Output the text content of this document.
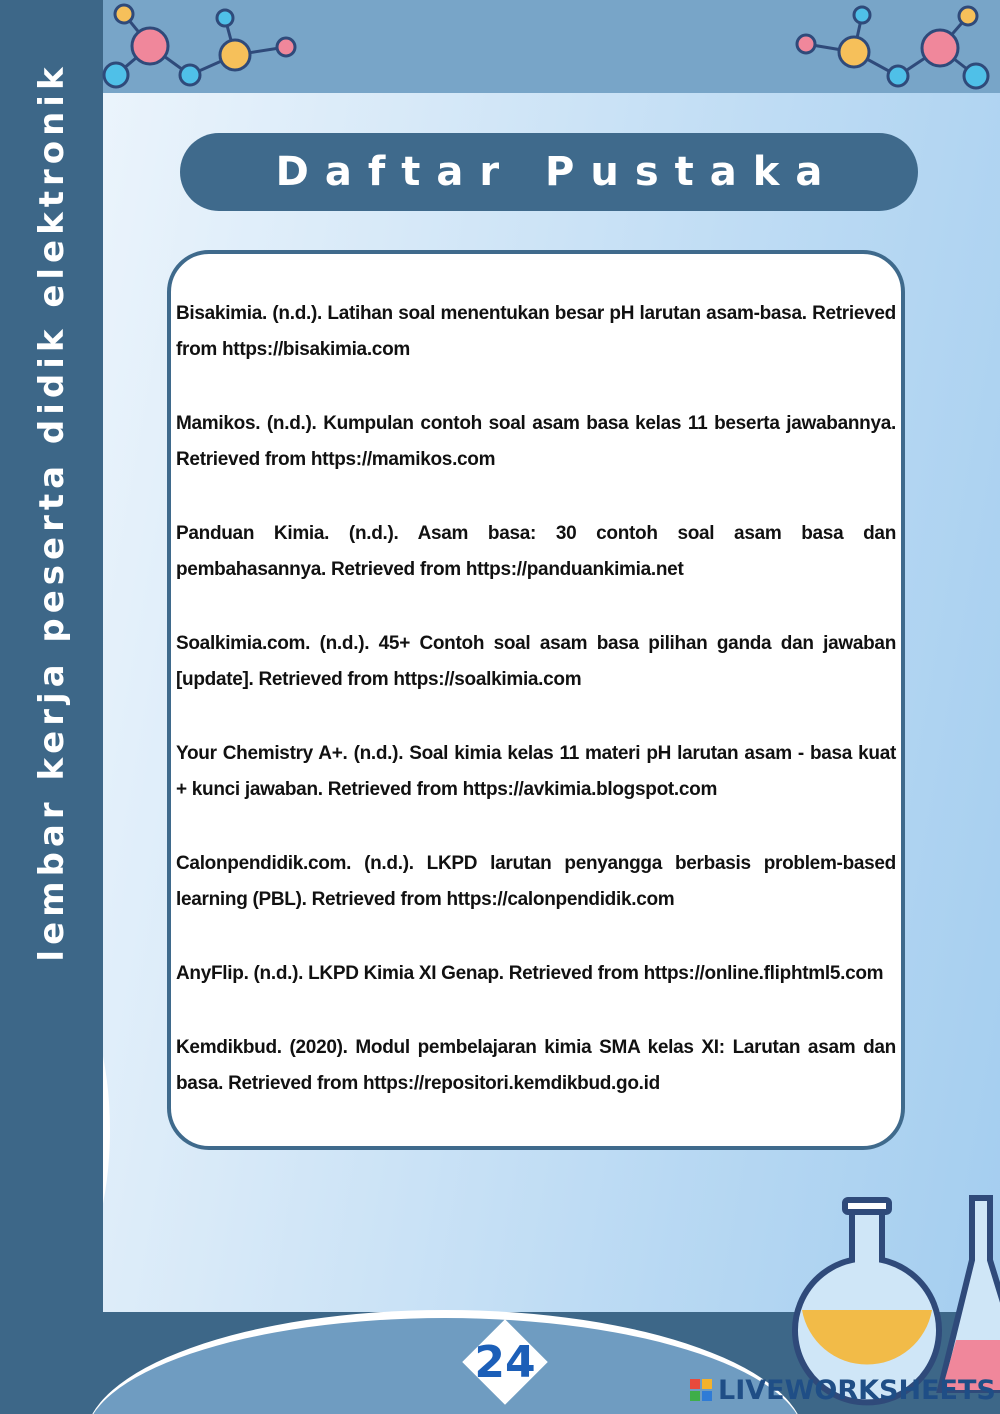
lembar kerja peserta didik elektronik	Daftar Pustaka

Bisakimia. (n.d.). Latihan soal menentukan besar pH larutan asam-basa. Retrieved from https://bisakimia.com

Mamikos. (n.d.). Kumpulan contoh soal asam basa kelas 11 beserta jawabannya. Retrieved from https://mamikos.com

Panduan Kimia. (n.d.). Asam basa: 30 contoh soal asam basa dan pembahasannya. Retrieved from https://panduankimia.net

Soalkimia.com. (n.d.). 45+ Contoh soal asam basa pilihan ganda dan jawaban [update]. Retrieved from https://soalkimia.com

Your Chemistry A+. (n.d.). Soal kimia kelas 11 materi pH larutan asam - basa kuat + kunci jawaban. Retrieved from https://avkimia.blogspot.com

Calonpendidik.com. (n.d.). LKPD larutan penyangga berbasis problem-based learning (PBL). Retrieved from https://calonpendidik.com

AnyFlip. (n.d.). LKPD Kimia XI Genap. Retrieved from https://online.fliphtml5.com

Kemdikbud. (2020). Modul pembelajaran kimia SMA kelas XI: Larutan asam dan basa. Retrieved from https://repositori.kemdikbud.go.id

24
LIVEWORKSHEETS
